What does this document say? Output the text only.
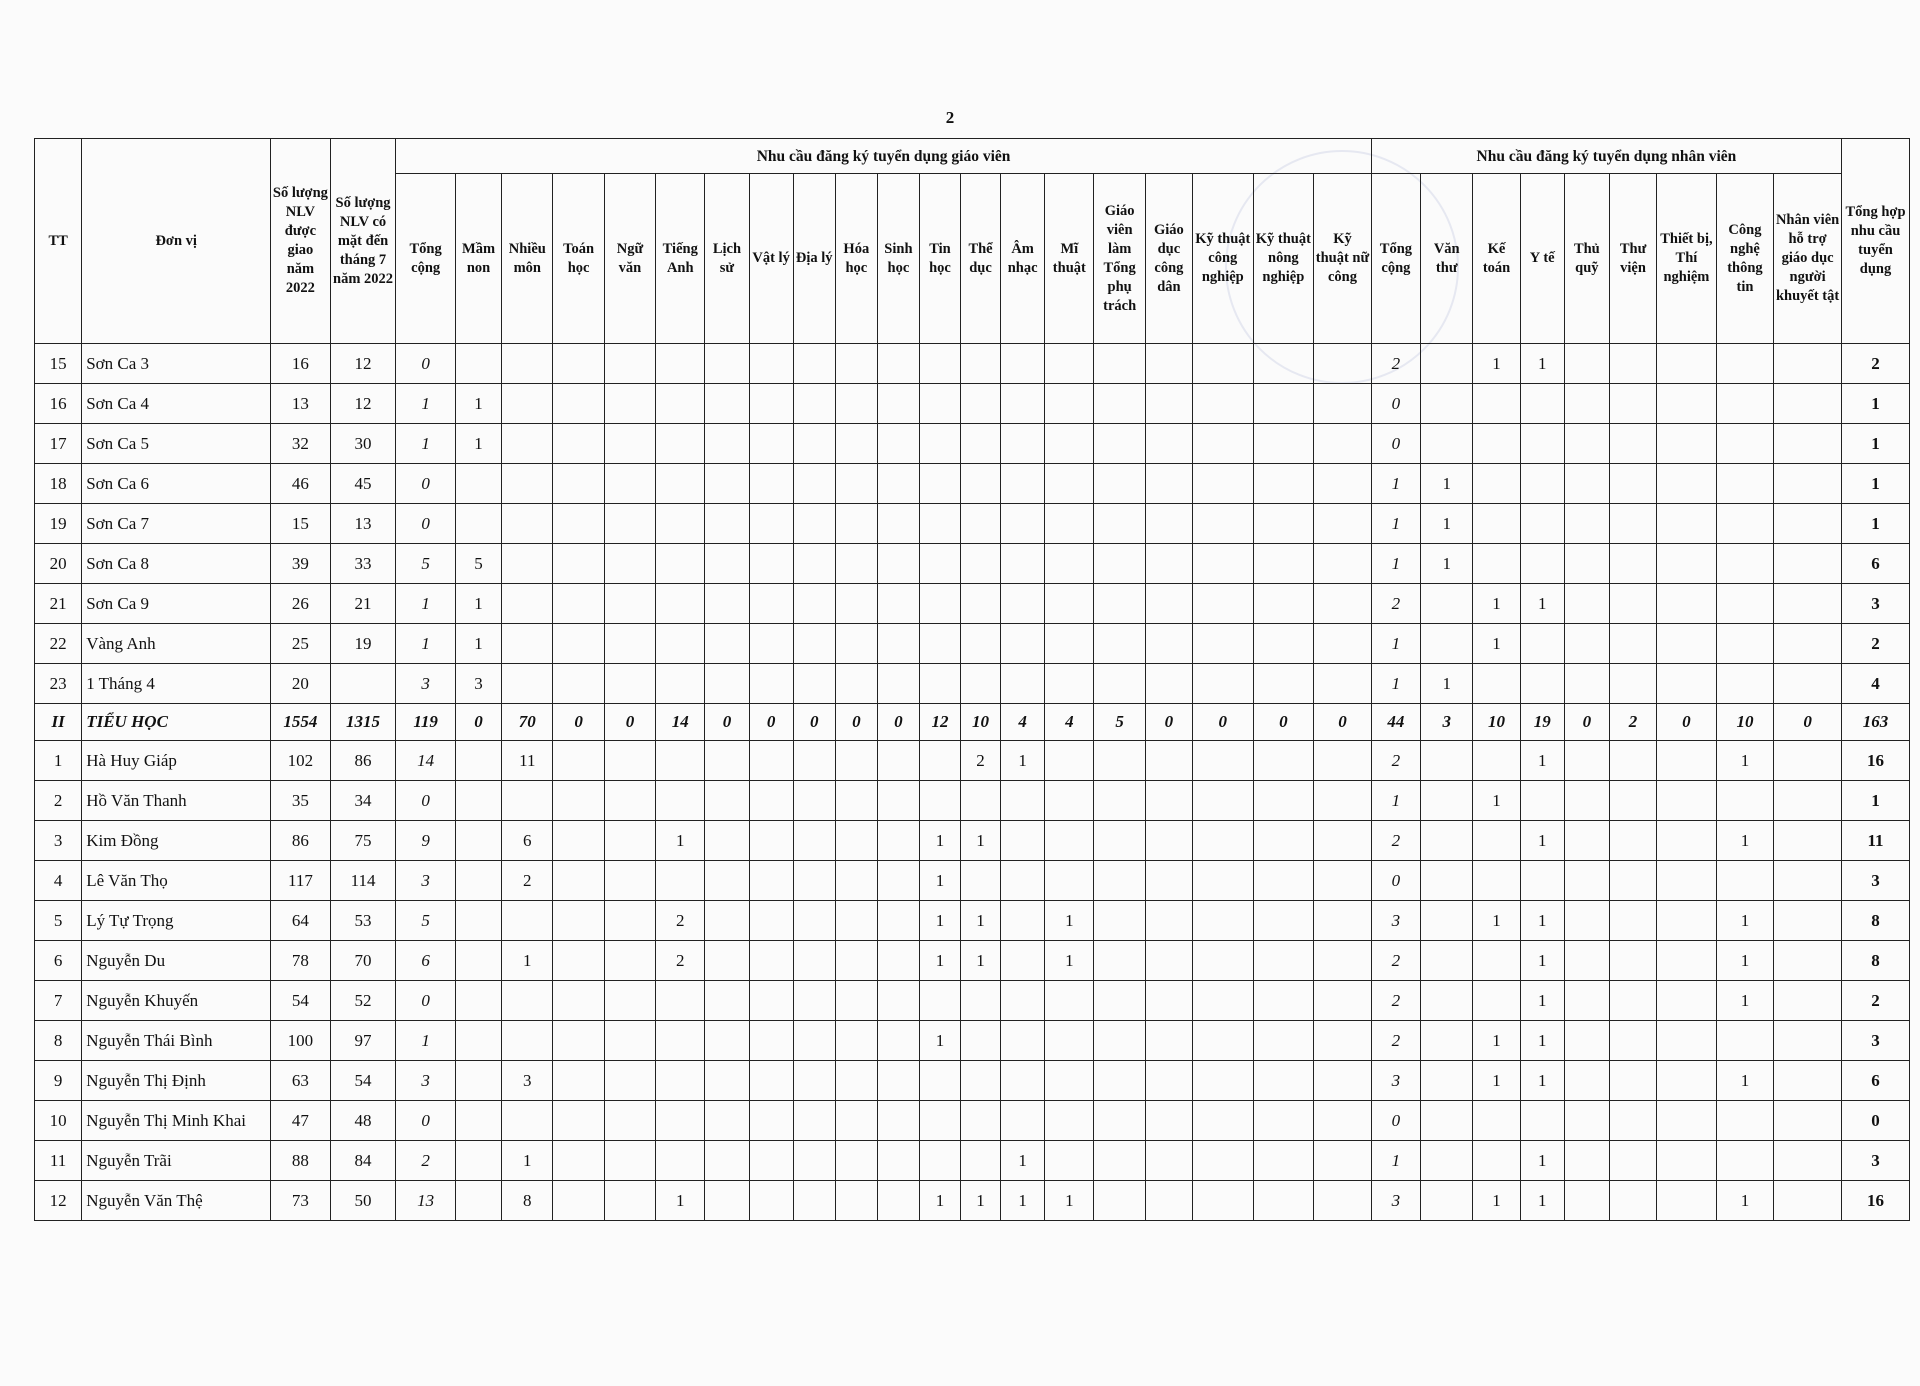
2
TT	Đơn vị	Số lượng NLV được giao năm 2022	Số lượng NLV có mặt đến tháng 7 năm 2022	Nhu cầu đăng ký tuyển dụng giáo viên																				Nhu cầu đăng ký tuyển dụng nhân viên									Tổng hợp nhu cầu tuyển dụng
				Tổng cộng	Mầm non	Nhiều môn	Toán học	Ngữ văn	Tiếng Anh	Lịch sử	Vật lý	Địa lý	Hóa học	Sinh học	Tin học	Thể dục	Âm nhạc	Mĩ thuật	Giáo viên làm Tổng phụ trách	Giáo dục công dân	Kỹ thuật công nghiệp	Kỹ thuật nông nghiệp	Kỹ thuật nữ công	Tổng cộng	Văn thư	Kế toán	Y tế	Thủ quỹ	Thư viện	Thiết bị, Thí nghiệm	Công nghệ thông tin	Nhân viên hỗ trợ giáo dục người khuyết tật	
15	Sơn Ca 3	16	12	0																				2		1	1						2
16	Sơn Ca 4	13	12	1	1																			0									1
17	Sơn Ca 5	32	30	1	1																			0									1
18	Sơn Ca 6	46	45	0																				1	1								1
19	Sơn Ca 7	15	13	0																				1	1								1
20	Sơn Ca 8	39	33	5	5																			1	1								6
21	Sơn Ca 9	26	21	1	1																			2		1	1						3
22	Vàng Anh	25	19	1	1																			1		1							2
23	1 Tháng 4	20		3	3																			1	1								4
II	TIỂU HỌC	1554	1315	119	0	70	0	0	14	0	0	0	0	0	12	10	4	4	5	0	0	0	0	44	3	10	19	0	2	0	10	0	163
1	Hà Huy Giáp	102	86	14		11										2	1							2			1				1		16
2	Hồ Văn Thanh	35	34	0																				1		1							1
3	Kim Đồng	86	75	9		6			1						1	1								2			1				1		11
4	Lê Văn Thọ	117	114	3		2									1									0									3
5	Lý Tự Trọng	64	53	5					2						1	1		1						3		1	1				1		8
6	Nguyễn Du	78	70	6		1			2						1	1		1						2			1				1		8
7	Nguyễn Khuyến	54	52	0																				2			1				1		2
8	Nguyễn Thái Bình	100	97	1											1									2		1	1						3
9	Nguyễn Thị Định	63	54	3		3																		3		1	1				1		6
10	Nguyễn Thị Minh Khai	47	48	0																				0									0
11	Nguyễn Trãi	88	84	2		1											1							1			1						3
12	Nguyễn Văn Thệ	73	50	13		8			1						1	1	1	1						3		1	1				1		16
